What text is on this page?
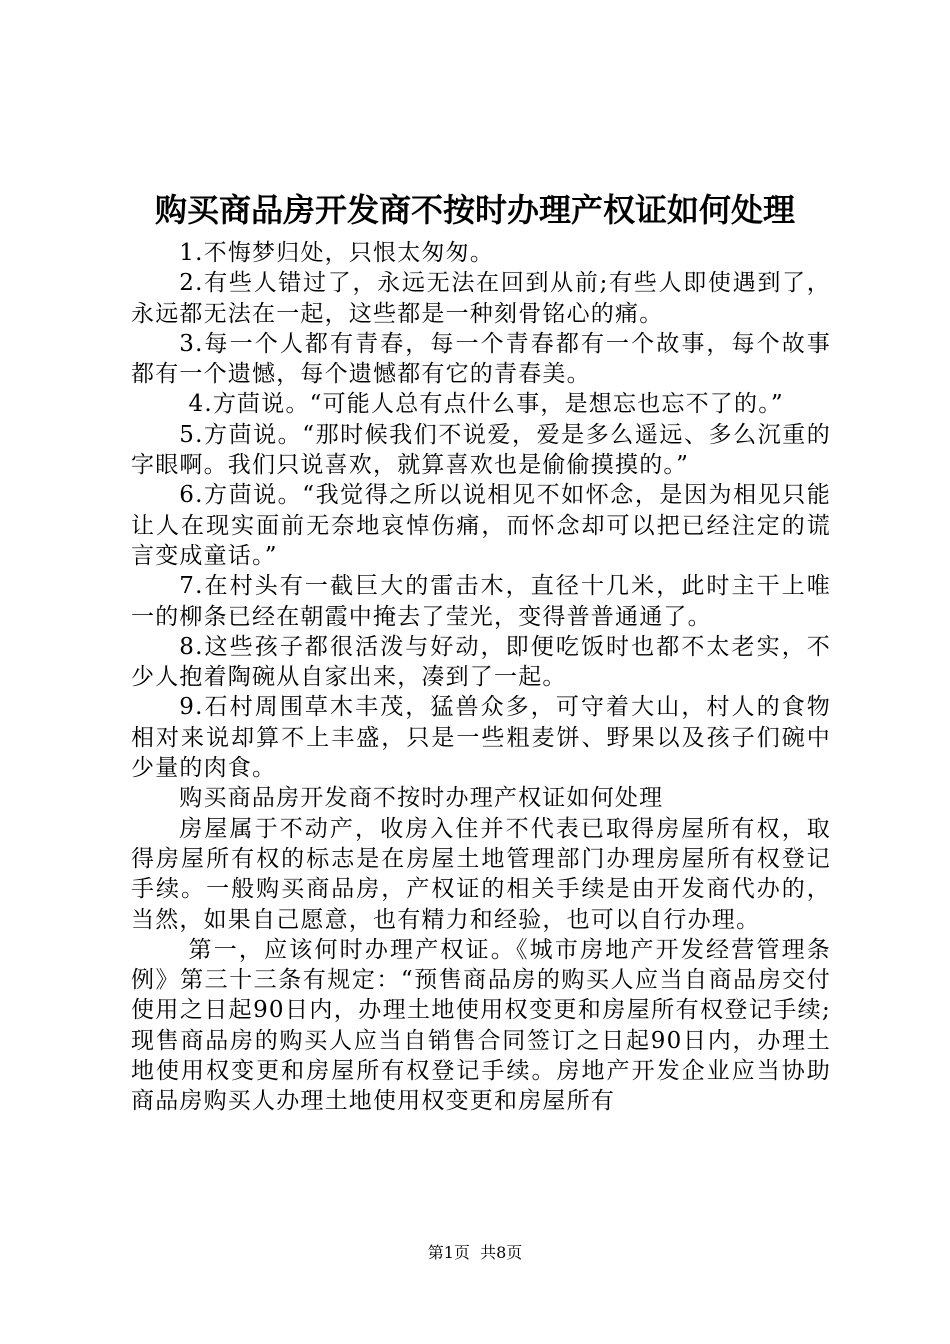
购买商品房开发商不按时办理产权证如何处理

1.不悔梦归处，只恨太匆匆。

2.有些人错过了，永远无法在回到从前;有些人即使遇到了，永远都无法在一起，这些都是一种刻骨铭心的痛。

3.每一个人都有青春，每一个青春都有一个故事，每个故事都有一个遗憾，每个遗憾都有它的青春美。

4.方茴说。“可能人总有点什么事，是想忘也忘不了的。”

5.方茴说。“那时候我们不说爱，爱是多么遥远、多么沉重的字眼啊。我们只说喜欢，就算喜欢也是偷偷摸摸的。”

6.方茴说。“我觉得之所以说相见不如怀念，是因为相见只能让人在现实面前无奈地哀悼伤痛，而怀念却可以把已经注定的谎言变成童话。”

7.在村头有一截巨大的雷击木，直径十几米，此时主干上唯一的柳条已经在朝霞中掩去了莹光，变得普普通通了。

8.这些孩子都很活泼与好动，即便吃饭时也都不太老实，不少人抱着陶碗从自家出来，凑到了一起。

9.石村周围草木丰茂，猛兽众多，可守着大山，村人的食物相对来说却算不上丰盛，只是一些粗麦饼、野果以及孩子们碗中少量的肉食。

购买商品房开发商不按时办理产权证如何处理

房屋属于不动产，收房入住并不代表已取得房屋所有权，取得房屋所有权的标志是在房屋土地管理部门办理房屋所有权登记手续。一般购买商品房，产权证的相关手续是由开发商代办的，当然，如果自己愿意，也有精力和经验，也可以自行办理。

第一，应该何时办理产权证。《城市房地产开发经营管理条例》第三十三条有规定：“预售商品房的购买人应当自商品房交付使用之日起90日内，办理土地使用权变更和房屋所有权登记手续;现售商品房的购买人应当自销售合同签订之日起90日内，办理土地使用权变更和房屋所有权登记手续。房地产开发企业应当协助商品房购买人办理土地使用权变更和房屋所有

第1页 共8页
